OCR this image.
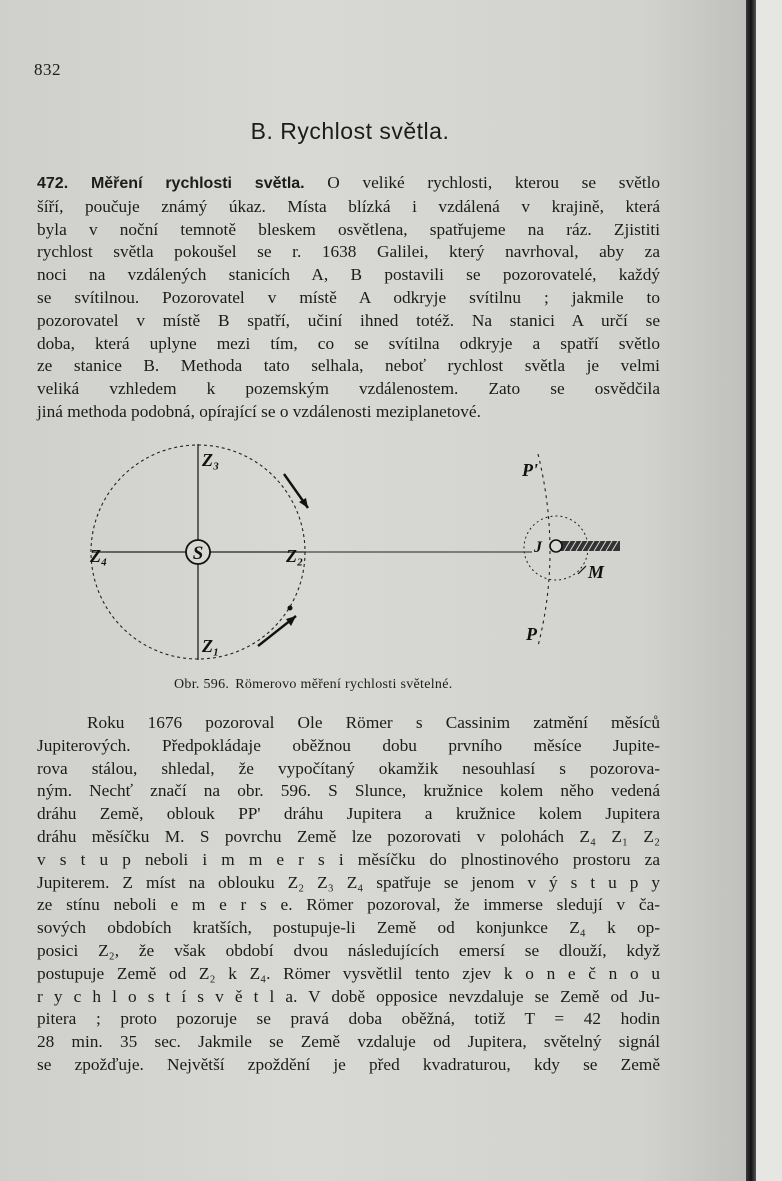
832
B. Rychlost světla.
472. Měření rychlosti světla. O veliké rychlosti, kterou se světlo
šíří, poučuje známý úkaz. Místa blízká i vzdálená v krajině, která
byla v noční temnotě bleskem osvětlena, spatřujeme na ráz. Zjistiti
rychlost světla pokoušel se r. 1638 Galilei, který navrhoval, aby za
noci na vzdálených stanicích A, B postavili se pozorovatelé, každý
se svítilnou. Pozorovatel v místě A odkryje svítilnu ; jakmile to
pozorovatel v místě B spatří, učiní ihned totéž. Na stanici A určí se
doba, která uplyne mezi tím, co se svítilna odkryje a spatří světlo
ze stanice B. Methoda tato selhala, neboť rychlost světla je velmi
veliká vzhledem k pozemským vzdálenostem. Zato se osvědčila
jiná methoda podobná, opírající se o vzdálenosti meziplanetové.
S
Z₃
Z₄	Z₂
Z₁
P'
P
J
M
Obr. 596. Römerovo měření rychlosti světelné.
Roku 1676 pozoroval Ole Römer s Cassinim zatmění měsíců
Jupiterových. Předpokládaje oběžnou dobu prvního měsíce Jupite-
rova stálou, shledal, že vypočítaný okamžik nesouhlasí s pozorova-
ným. Nechť značí na obr. 596. S Slunce, kružnice kolem něho vedená
dráhu Země, oblouk PP' dráhu Jupitera a kružnice kolem Jupitera
dráhu měsíčku M. S povrchu Země lze pozorovati v polohách Z₄ Z₁ Z₂
v s t u p neboli i m m e r s i měsíčku do plnostinového prostoru za
Jupiterem. Z míst na oblouku Z₂ Z₃ Z₄ spatřuje se jenom v ý s t u p y
ze stínu neboli e m e r s e. Römer pozoroval, že immerse sledují v ča-
sových obdobích kratších, postupuje-li Země od konjunkce Z₄ k op-
posici Z₂, že však období dvou následujících emersí se dlouží, když
postupuje Země od Z₂ k Z₄. Römer vysvětlil tento zjev k o n e č n o u
r y c h l o s t í s v ě t l a. V době opposice nevzdaluje se Země od Ju-
pitera ; proto pozoruje se pravá doba oběžná, totiž T = 42 hodin
28 min. 35 sec. Jakmile se Země vzdaluje od Jupitera, světelný signál
se zpožďuje. Největší zpoždění je před kvadraturou, kdy se Země
